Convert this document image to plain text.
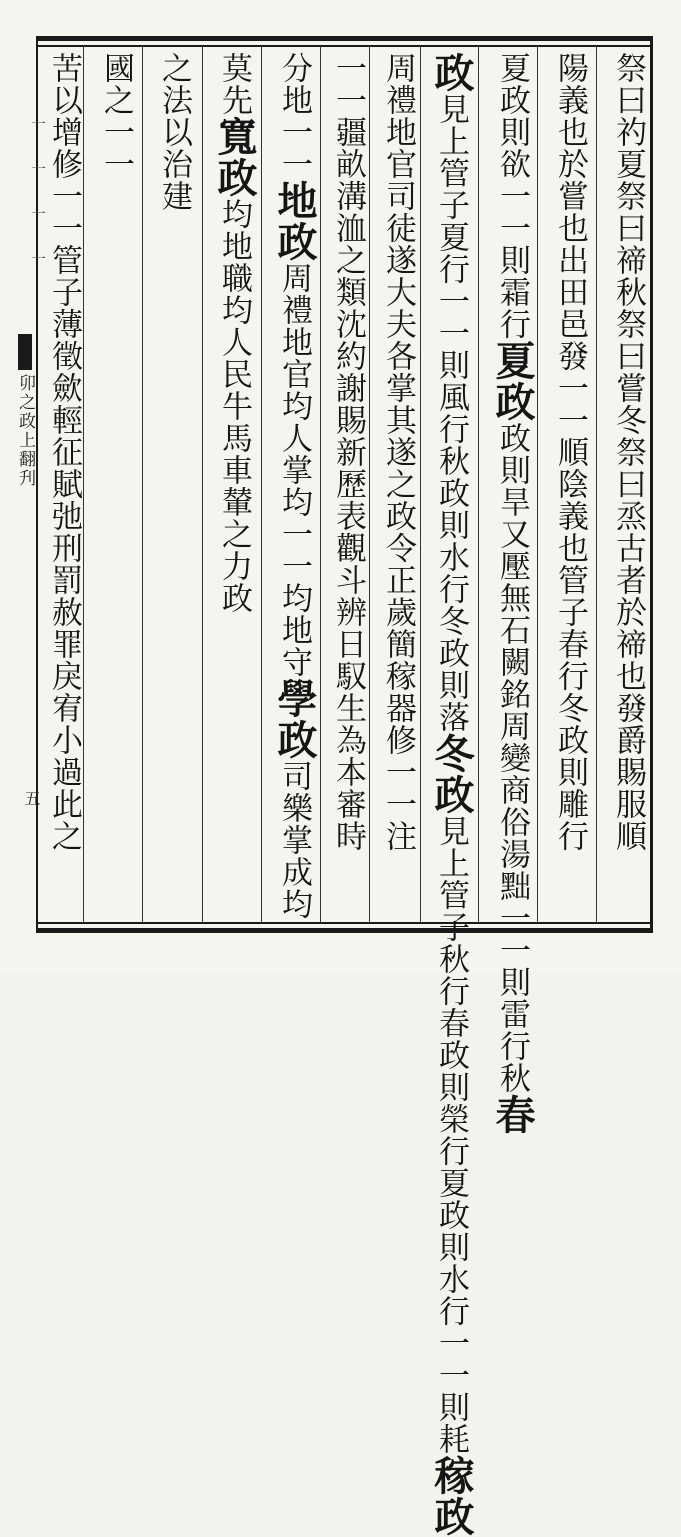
一一一一
卯之政上翻刋
五	祭曰礿夏祭曰禘秋祭曰嘗冬祭曰烝古者於禘也發爵賜服順
陽義也於嘗也出田邑發一一順陰義也管子春行冬政則雕行
夏政則欲一一則霜行夏政政則旱又壓無石闕銘周變商俗湯黜一一則雷行秋春
政見上管子夏行一一則風行秋政則水行冬政則落冬政見上管子秋行春政則榮行夏政則水行一一則耗稼政
周禮地官司徒遂大夫各掌其遂之政令正歲簡稼器修一一注
一一疆畝溝洫之類沈約謝賜新歷表觀斗辨日馭生為本審時
分地一一地政周禮地官均人掌均一一均地守學政司樂掌成均
莫先寬政均地職均人民牛馬車輦之力政
之法以治建
國之一一
苦以增修一一管子薄徵歛輕征賦弛刑罰赦罪戾宥小過此之
